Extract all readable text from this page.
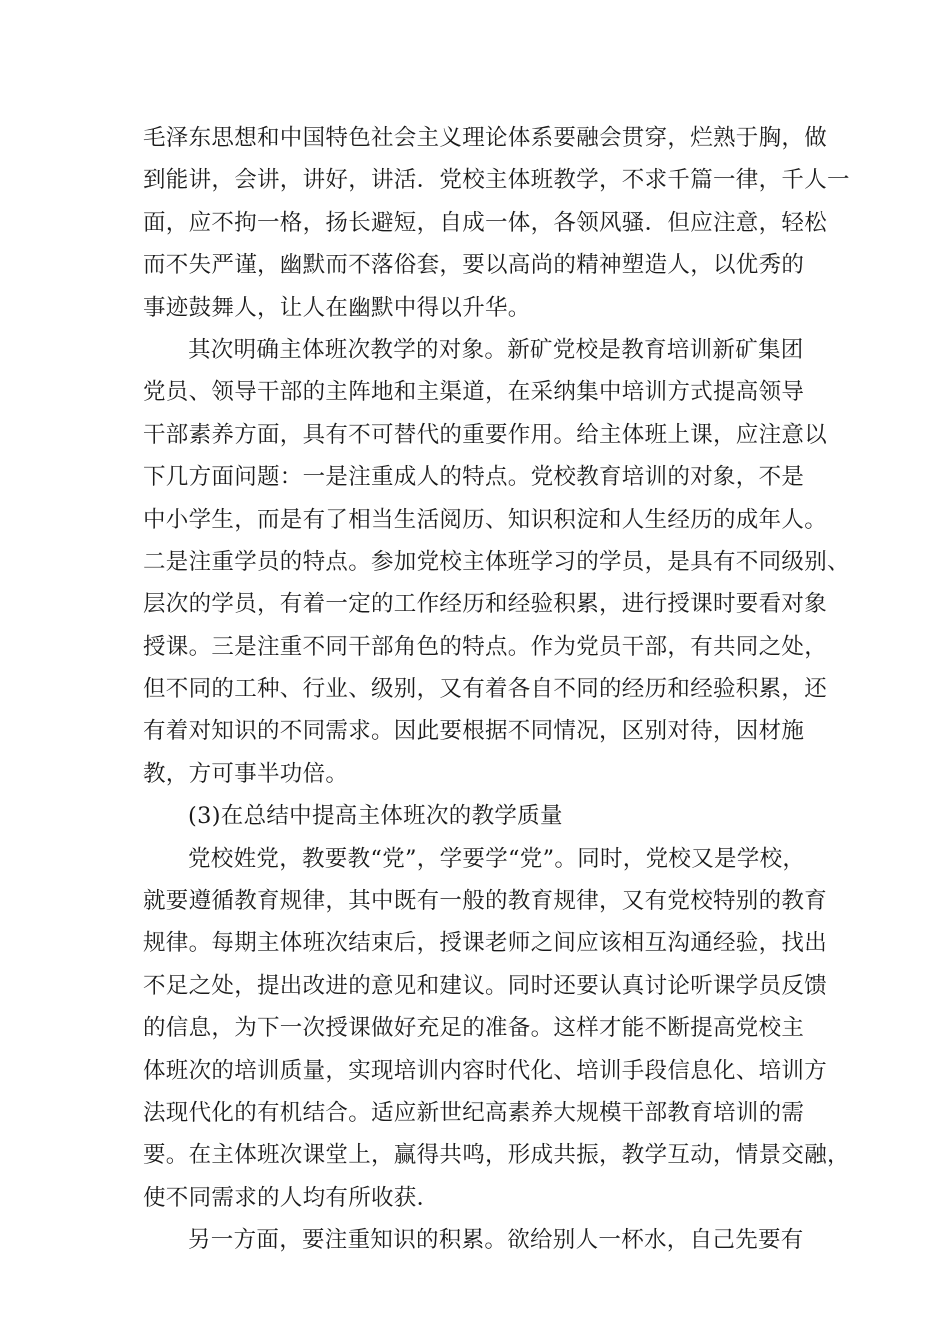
毛泽东思想和中国特色社会主义理论体系要融会贯穿，烂熟于胸，做
到能讲，会讲，讲好，讲活．党校主体班教学，不求千篇一律，千人一
面，应不拘一格，扬长避短，自成一体，各领风骚．但应注意，轻松
而不失严谨，幽默而不落俗套，要以高尚的精神塑造人，以优秀的
事迹鼓舞人，让人在幽默中得以升华。
其次明确主体班次教学的对象。新矿党校是教育培训新矿集团
党员、领导干部的主阵地和主渠道，在采纳集中培训方式提高领导
干部素养方面，具有不可替代的重要作用。给主体班上课，应注意以
下几方面问题：一是注重成人的特点。党校教育培训的对象，不是
中小学生，而是有了相当生活阅历、知识积淀和人生经历的成年人。
二是注重学员的特点。参加党校主体班学习的学员，是具有不同级别、
层次的学员，有着一定的工作经历和经验积累，进行授课时要看对象
授课。三是注重不同干部角色的特点。作为党员干部，有共同之处，
但不同的工种、行业、级别，又有着各自不同的经历和经验积累，还
有着对知识的不同需求。因此要根据不同情况，区别对待，因材施
教，方可事半功倍。
(3)在总结中提高主体班次的教学质量
党校姓党，教要教“党”，学要学“党”。同时，党校又是学校，
就要遵循教育规律，其中既有一般的教育规律，又有党校特别的教育
规律。每期主体班次结束后，授课老师之间应该相互沟通经验，找出
不足之处，提出改进的意见和建议。同时还要认真讨论听课学员反馈
的信息，为下一次授课做好充足的准备。这样才能不断提高党校主
体班次的培训质量，实现培训内容时代化、培训手段信息化、培训方
法现代化的有机结合。适应新世纪高素养大规模干部教育培训的需
要。在主体班次课堂上，赢得共鸣，形成共振，教学互动，情景交融，
使不同需求的人均有所收获．
另一方面，要注重知识的积累。欲给别人一杯水，自己先要有
